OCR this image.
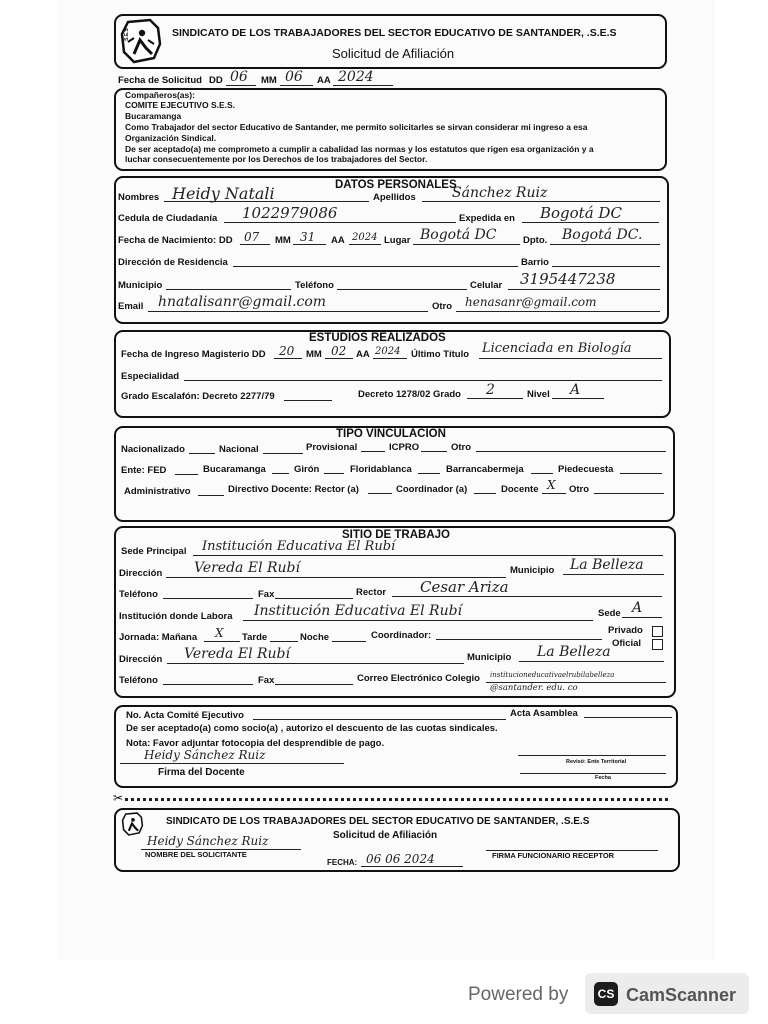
S.E.S	SINDICATO DE LOS TRABAJADORES DEL SECTOR EDUCATIVO DE SANTANDER, .S.E.S
Solicitud de Afiliación
Fecha de Solicitud DD 06 MM 06 AA 2024
Compañeros(as):
COMITE EJECUTIVO S.E.S.
Bucaramanga
Como Trabajador del sector Educativo de Santander, me permito solicitarles se sirvan considerar mi ingreso a esa
Organización Sindical.
De ser aceptado(a) me comprometo a cumplir a cabalidad las normas y los estatutos que rigen esa organización y a
luchar consecuentemente por los Derechos de los trabajadores del Sector.
DATOS PERSONALES
Nombres Heidy Natali	Apellidos	Sánchez Ruiz
Cedula de Ciudadanía 1022979086	Expedida en Bogotá DC
Fecha de Nacimiento: DD 07 MM 31 AA 2024 Lugar Bogotá DC	Dpto. Bogotá DC.
Dirección de Residencia	Barrio
Municipio	Teléfono	Celular 3195447238
Email hnatalisanr@gmail.com	Otro henasanr@gmail.com
ESTUDIOS REALIZADOS
Fecha de Ingreso Magisterio DD 20 MM 02 AA 2024 Último Título Licenciada en Biología
Especialidad
Grado Escalafón: Decreto 2277/79	Decreto 1278/02 Grado 2	Nivel A
TIPO VINCULACIÓN
Nacionalizado	Nacional	Provisional	ICPRO	Otro
Ente: FED	Bucaramanga	Girón	Floridablanca	Barrancabermeja	Piedecuesta
Administrativo	Directivo Docente: Rector (a)	Coordinador (a)	Docente X Otro
SITIO DE TRABAJO
Sede Principal Institución Educativa El Rubí
Dirección Vereda El Rubí	Municipio La Belleza
Teléfono	Fax	Rector Cesar Ariza
Institución donde Labora Institución Educativa El Rubí	Sede A
Jornada: Mañana X Tarde	Noche	Coordinador:	Privado
Oficial
Dirección Vereda El Rubí	Municipio La Belleza
Teléfono	Fax	Correo Electrónico Colegio institucioneducativaelrubilabelleza
@santander. edu. co
No. Acta Comité Ejecutivo	Acta Asamblea
De ser aceptado(a) como socio(a) , autorizo el descuento de las cuotas sindicales.
Nota: Favor adjuntar fotocopia del desprendible de pago.
Heidy Sánchez Ruiz
Firma del Docente
Revisó: Ente Territorial
Fecha
✂
SINDICATO DE LOS TRABAJADORES DEL SECTOR EDUCATIVO DE SANTANDER, .S.E.S
Solicitud de Afiliación
Heidy Sánchez Ruiz
NOMBRE DEL SOLICITANTE
FECHA: 06 06 2024	FIRMA FUNCIONARIO RECEPTOR
Powered by	CS CamScanner
